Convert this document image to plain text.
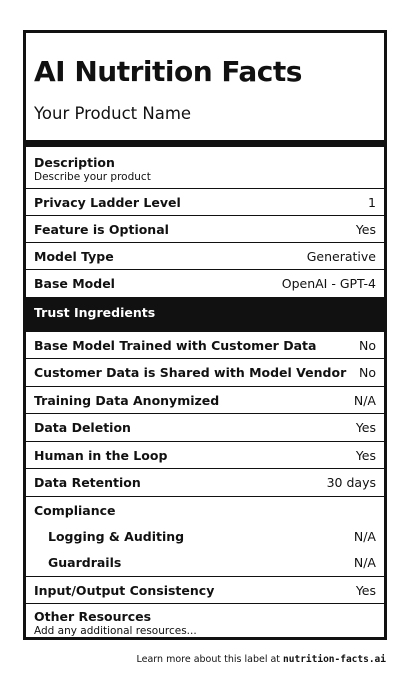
AI Nutrition Facts
Your Product Name
Description
Describe your product
Privacy Ladder Level	1
Feature is Optional	Yes
Model Type	Generative
Base Model	OpenAI - GPT-4
Trust Ingredients
Base Model Trained with Customer Data	No
Customer Data is Shared with Model Vendor No
Training Data Anonymized	N/A
Data Deletion	Yes
Human in the Loop	Yes
Data Retention	30 days
Compliance
Logging & Auditing	N/A
Guardrails	N/A
Input/Output Consistency	Yes
Other Resources
Add any additional resources...
Learn more about this label at nutrition-facts.ai
